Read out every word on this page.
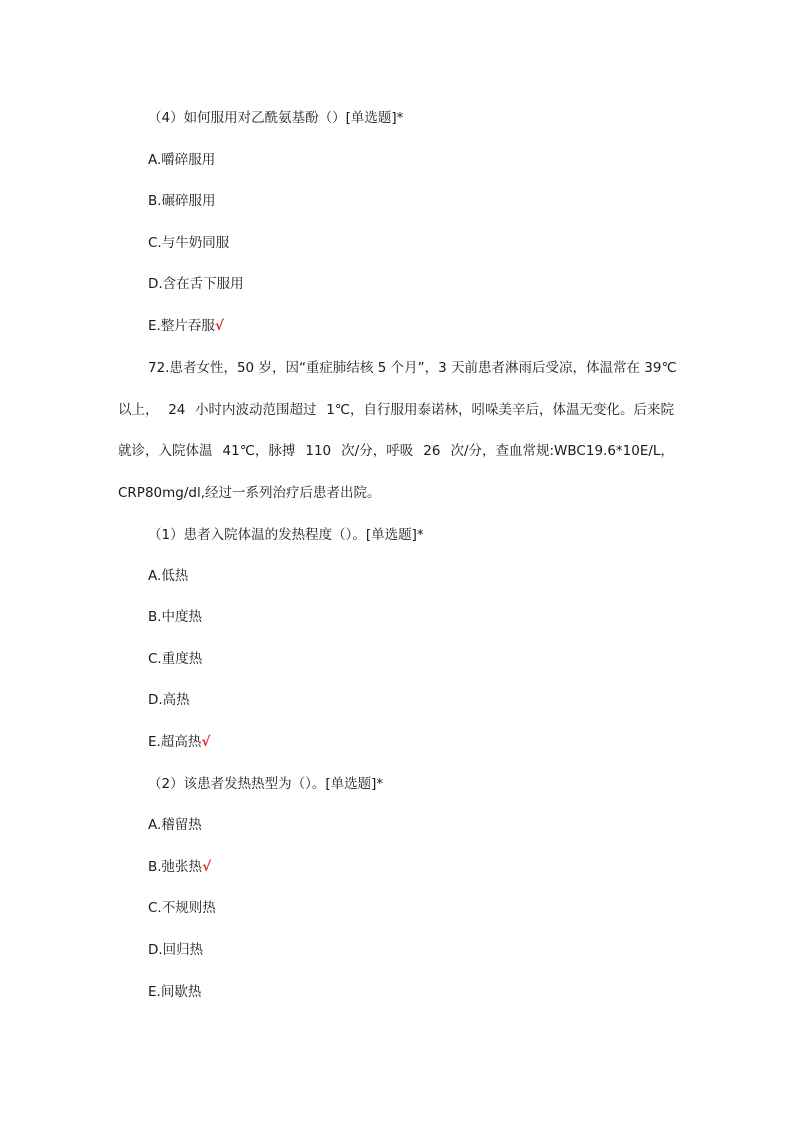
（4）如何服用对乙酰氨基酚（）[单选题]*
A.嚼碎服用
B.碾碎服用
C.与牛奶同服
D.含在舌下服用
E.整片吞服√
72.患者女性，50 岁，因“重症肺结核 5 个月”，3 天前患者淋雨后受凉，体温常在 39℃
以上， 24 小时内波动范围超过 1℃，自行服用泰诺林，吲哚美辛后，体温无变化。后来院
就诊，入院体温 41℃，脉搏 110 次/分，呼吸 26 次/分，查血常规:WBC19.6*10E/L，
CRP80mg/dl,经过一系列治疗后患者出院。
（1）患者入院体温的发热程度（）。[单选题]*
A.低热
B.中度热
C.重度热
D.高热
E.超高热√
（2）该患者发热热型为（）。[单选题]*
A.稽留热
B.弛张热√
C.不规则热
D.回归热
E.间歇热
